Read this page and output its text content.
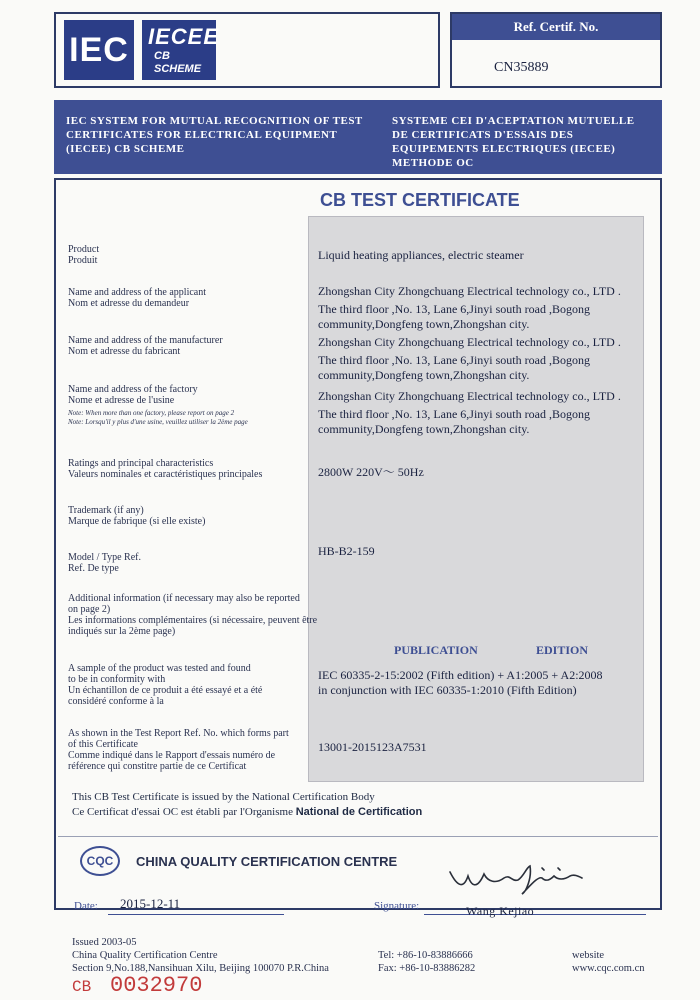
IEC IECEE
CB
SCHEME
Ref. Certif. No.
CN35889
IEC SYSTEM FOR MUTUAL RECOGNITION OF TEST CERTIFICATES FOR ELECTRICAL EQUIPMENT (IECEE) CB SCHEME
SYSTEME CEI D'ACEPTATION MUTUELLE DE CERTIFICATS D'ESSAIS DES EQUIPEMENTS ELECTRIQUES (IECEE) METHODE OC
CB TEST CERTIFICATE
Product
Produit	Liquid heating appliances, electric steamer
Name and address of the applicant
Nom et adresse du demandeur
Zhongshan City Zhongchuang Electrical technology co., LTD .
The third floor ,No. 13, Lane 6,Jinyi south road ,Bogong
community,Dongfeng town,Zhongshan city.
Name and address of the manufacturer
Nom et adresse du fabricant
Zhongshan City Zhongchuang Electrical technology co., LTD .
The third floor ,No. 13, Lane 6,Jinyi south road ,Bogong
community,Dongfeng town,Zhongshan city.
Name and address of the factory
Nome et adresse de l'usine
Note: When more than one factory, please report on page 2
Note: Lorsqu'il y plus d'une usine, veuillez utiliser la 2ème page
Zhongshan City Zhongchuang Electrical technology co., LTD .
The third floor ,No. 13, Lane 6,Jinyi south road ,Bogong
community,Dongfeng town,Zhongshan city.
Ratings and principal characteristics
Valeurs nominales et caractéristiques principales	2800W 220V～ 50Hz
Trademark (if any)
Marque de fabrique (si elle existe)
Model / Type Ref.
Ref. De type
HB-B2-159
Additional information (if necessary may also be reported
on page 2)
Les informations complémentaires (si nécessaire, peuvent être
indiqués sur la 2ème page)
PUBLICATION	EDITION
A sample of the product was tested and found
to be in conformity with
Un échantillon de ce produit a été essayé et a été
considéré conforme à la
IEC 60335-2-15:2002 (Fifth edition) + A1:2005 + A2:2008
in conjunction with IEC 60335-1:2010 (Fifth Edition)
As shown in the Test Report Ref. No. which forms part
of this Certificate
Comme indiqué dans le Rapport d'essais numéro de
référence qui constitre partie de ce Certificat
13001-2015123A7531
This CB Test Certificate is issued by the National Certification Body
Ce Certificat d'essai OC est établi par l'Organisme National de Certification
CQC CHINA QUALITY CERTIFICATION CENTRE
Date: 2015-12-11	Signature:	Wang Kejiao
Issued 2003-05
China Quality Certification Centre
Section 9,No.188,Nansihuan Xilu, Beijing 100070 P.R.China
Tel: +86-10-83886666
Fax: +86-10-83886282
website
www.cqc.com.cn
CB 0032970
